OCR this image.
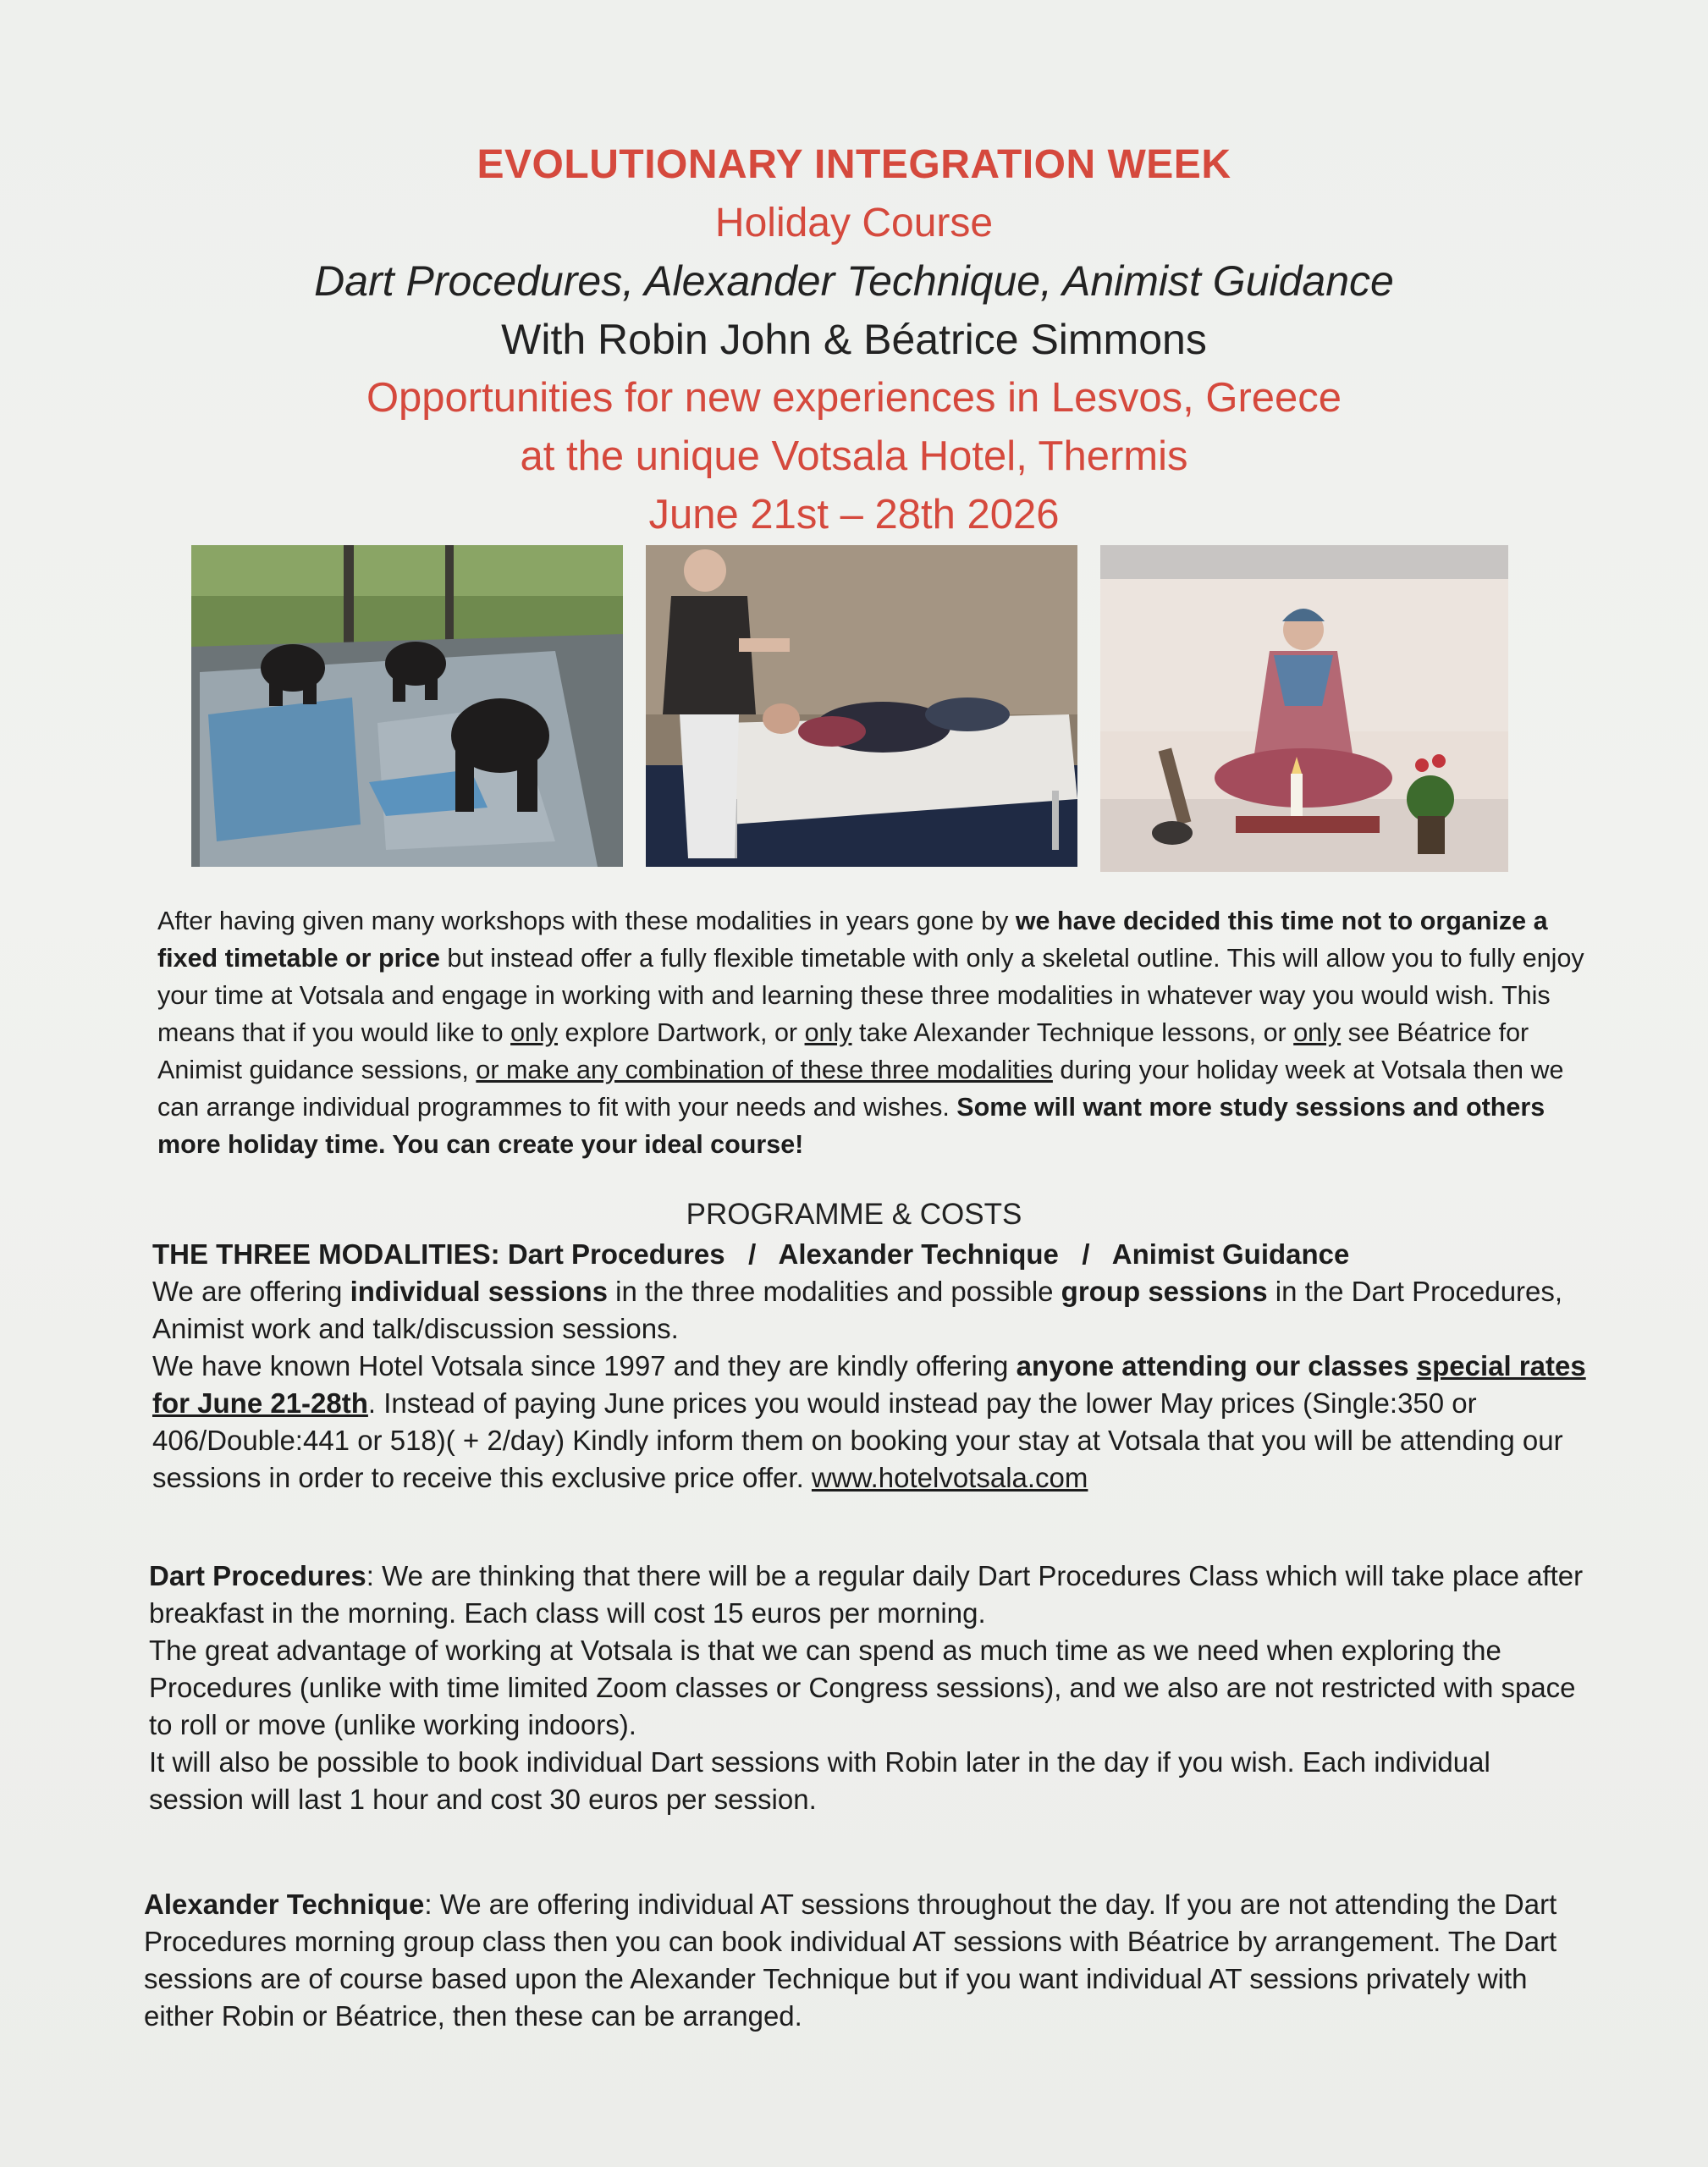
EVOLUTIONARY INTEGRATION WEEK
Holiday Course
Dart Procedures, Alexander Technique, Animist Guidance
With Robin John & Béatrice Simmons
Opportunities for new experiences in Lesvos, Greece
at the unique Votsala Hotel, Thermis
June 21st – 28th 2026
After having given many workshops with these modalities in years gone by we have decided this time not to organize a fixed timetable or price but instead offer a fully flexible timetable with only a skeletal outline. This will allow you to fully enjoy your time at Votsala and engage in working with and learning these three modalities in whatever way you would wish. This means that if you would like to only explore Dartwork, or only take Alexander Technique lessons, or only see Béatrice for Animist guidance sessions, or make any combination of these three modalities during your holiday week at Votsala then we can arrange individual programmes to fit with your needs and wishes. Some will want more study sessions and others more holiday time. You can create your ideal course!
PROGRAMME & COSTS

THE THREE MODALITIES: Dart Procedures   /   Alexander Technique   /   Animist Guidance

We are offering individual sessions in the three modalities and possible group sessions in the Dart Procedures, Animist work and talk/discussion sessions.

We have known Hotel Votsala since 1997 and they are kindly offering anyone attending our classes special rates for June 21-28th. Instead of paying June prices you would instead pay the lower May prices (Single:350 or 406/Double:441 or 518)( + 2/day) Kindly inform them on booking your stay at Votsala that you will be attending our sessions in order to receive this exclusive price offer. www.hotelvotsala.com

Dart Procedures: We are thinking that there will be a regular daily Dart Procedures Class which will take place after breakfast in the morning. Each class will cost 15 euros per morning.

The great advantage of working at Votsala is that we can spend as much time as we need when exploring the Procedures (unlike with time limited Zoom classes or Congress sessions), and we also are not restricted with space to roll or move (unlike working indoors).

It will also be possible to book individual Dart sessions with Robin later in the day if you wish. Each individual session will last 1 hour and cost 30 euros per session.

Alexander Technique: We are offering individual AT sessions throughout the day. If you are not attending the Dart Procedures morning group class then you can book individual AT sessions with Béatrice by arrangement. The Dart sessions are of course based upon the Alexander Technique but if you want individual AT sessions privately with either Robin or Béatrice, then these can be arranged.
